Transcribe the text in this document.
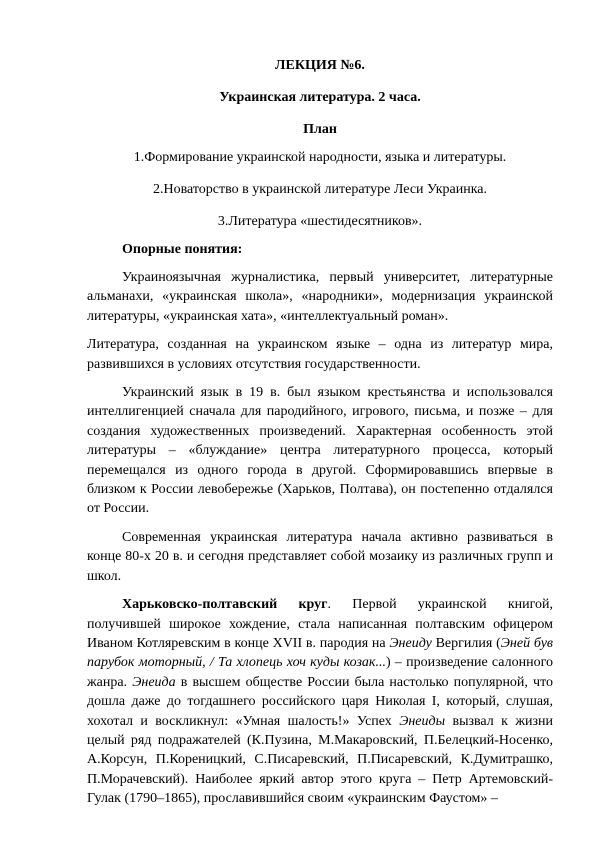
ЛЕКЦИЯ №6.

Украинская литература. 2 часа.

План

1.Формирование украинской народности, языка и литературы.

2.Новаторство в украинской литературе Леси Украинка.

3.Литература «шестидесятников».

Опорные понятия:

Украиноязычная журналистика, первый университет, литературные альманахи, «украинская школа», «народники», модернизация украинской литературы, «украинская хата», «интеллектуальный роман».

Литература, созданная на украинском языке – одна из литератур мира, развившихся в условиях отсутствия государственности.

Украинский язык в 19 в. был языком крестьянства и использовался интеллигенцией сначала для пародийного, игрового, письма, и позже – для создания художественных произведений. Характерная особенность этой литературы – «блуждание» центра литературного процесса, который перемещался из одного города в другой. Сформировавшись впервые в близком к России левобережье (Харьков, Полтава), он постепенно отдалялся от России.

Современная украинская литература начала активно развиваться в конце 80-х 20 в. и сегодня представляет собой мозаику из различных групп и школ.

Харьковско-полтавский круг. Первой украинской книгой, получившей широкое хождение, стала написанная полтавским офицером Иваном Котляревским в конце XVII в. пародия на Энеиду Вергилия (Эней був парубок моторный, / Та хлопець хоч куды козак...) – произведение салонного жанра. Энеида в высшем обществе России была настолько популярной, что дошла даже до тогдашнего российского царя Николая I, который, слушая, хохотал и воскликнул: «Умная шалость!» Успех Энеиды вызвал к жизни целый ряд подражателей (К.Пузина, М.Макаровский, П.Белецкий-Носенко, А.Корсун, П.Кореницкий, С.Писаревский, П.Писаревский, К.Думитрашко, П.Морачевский). Наиболее яркий автор этого круга – Петр Артемовский-Гулак (1790–1865), прославившийся своим «украинским Фаустом» –
